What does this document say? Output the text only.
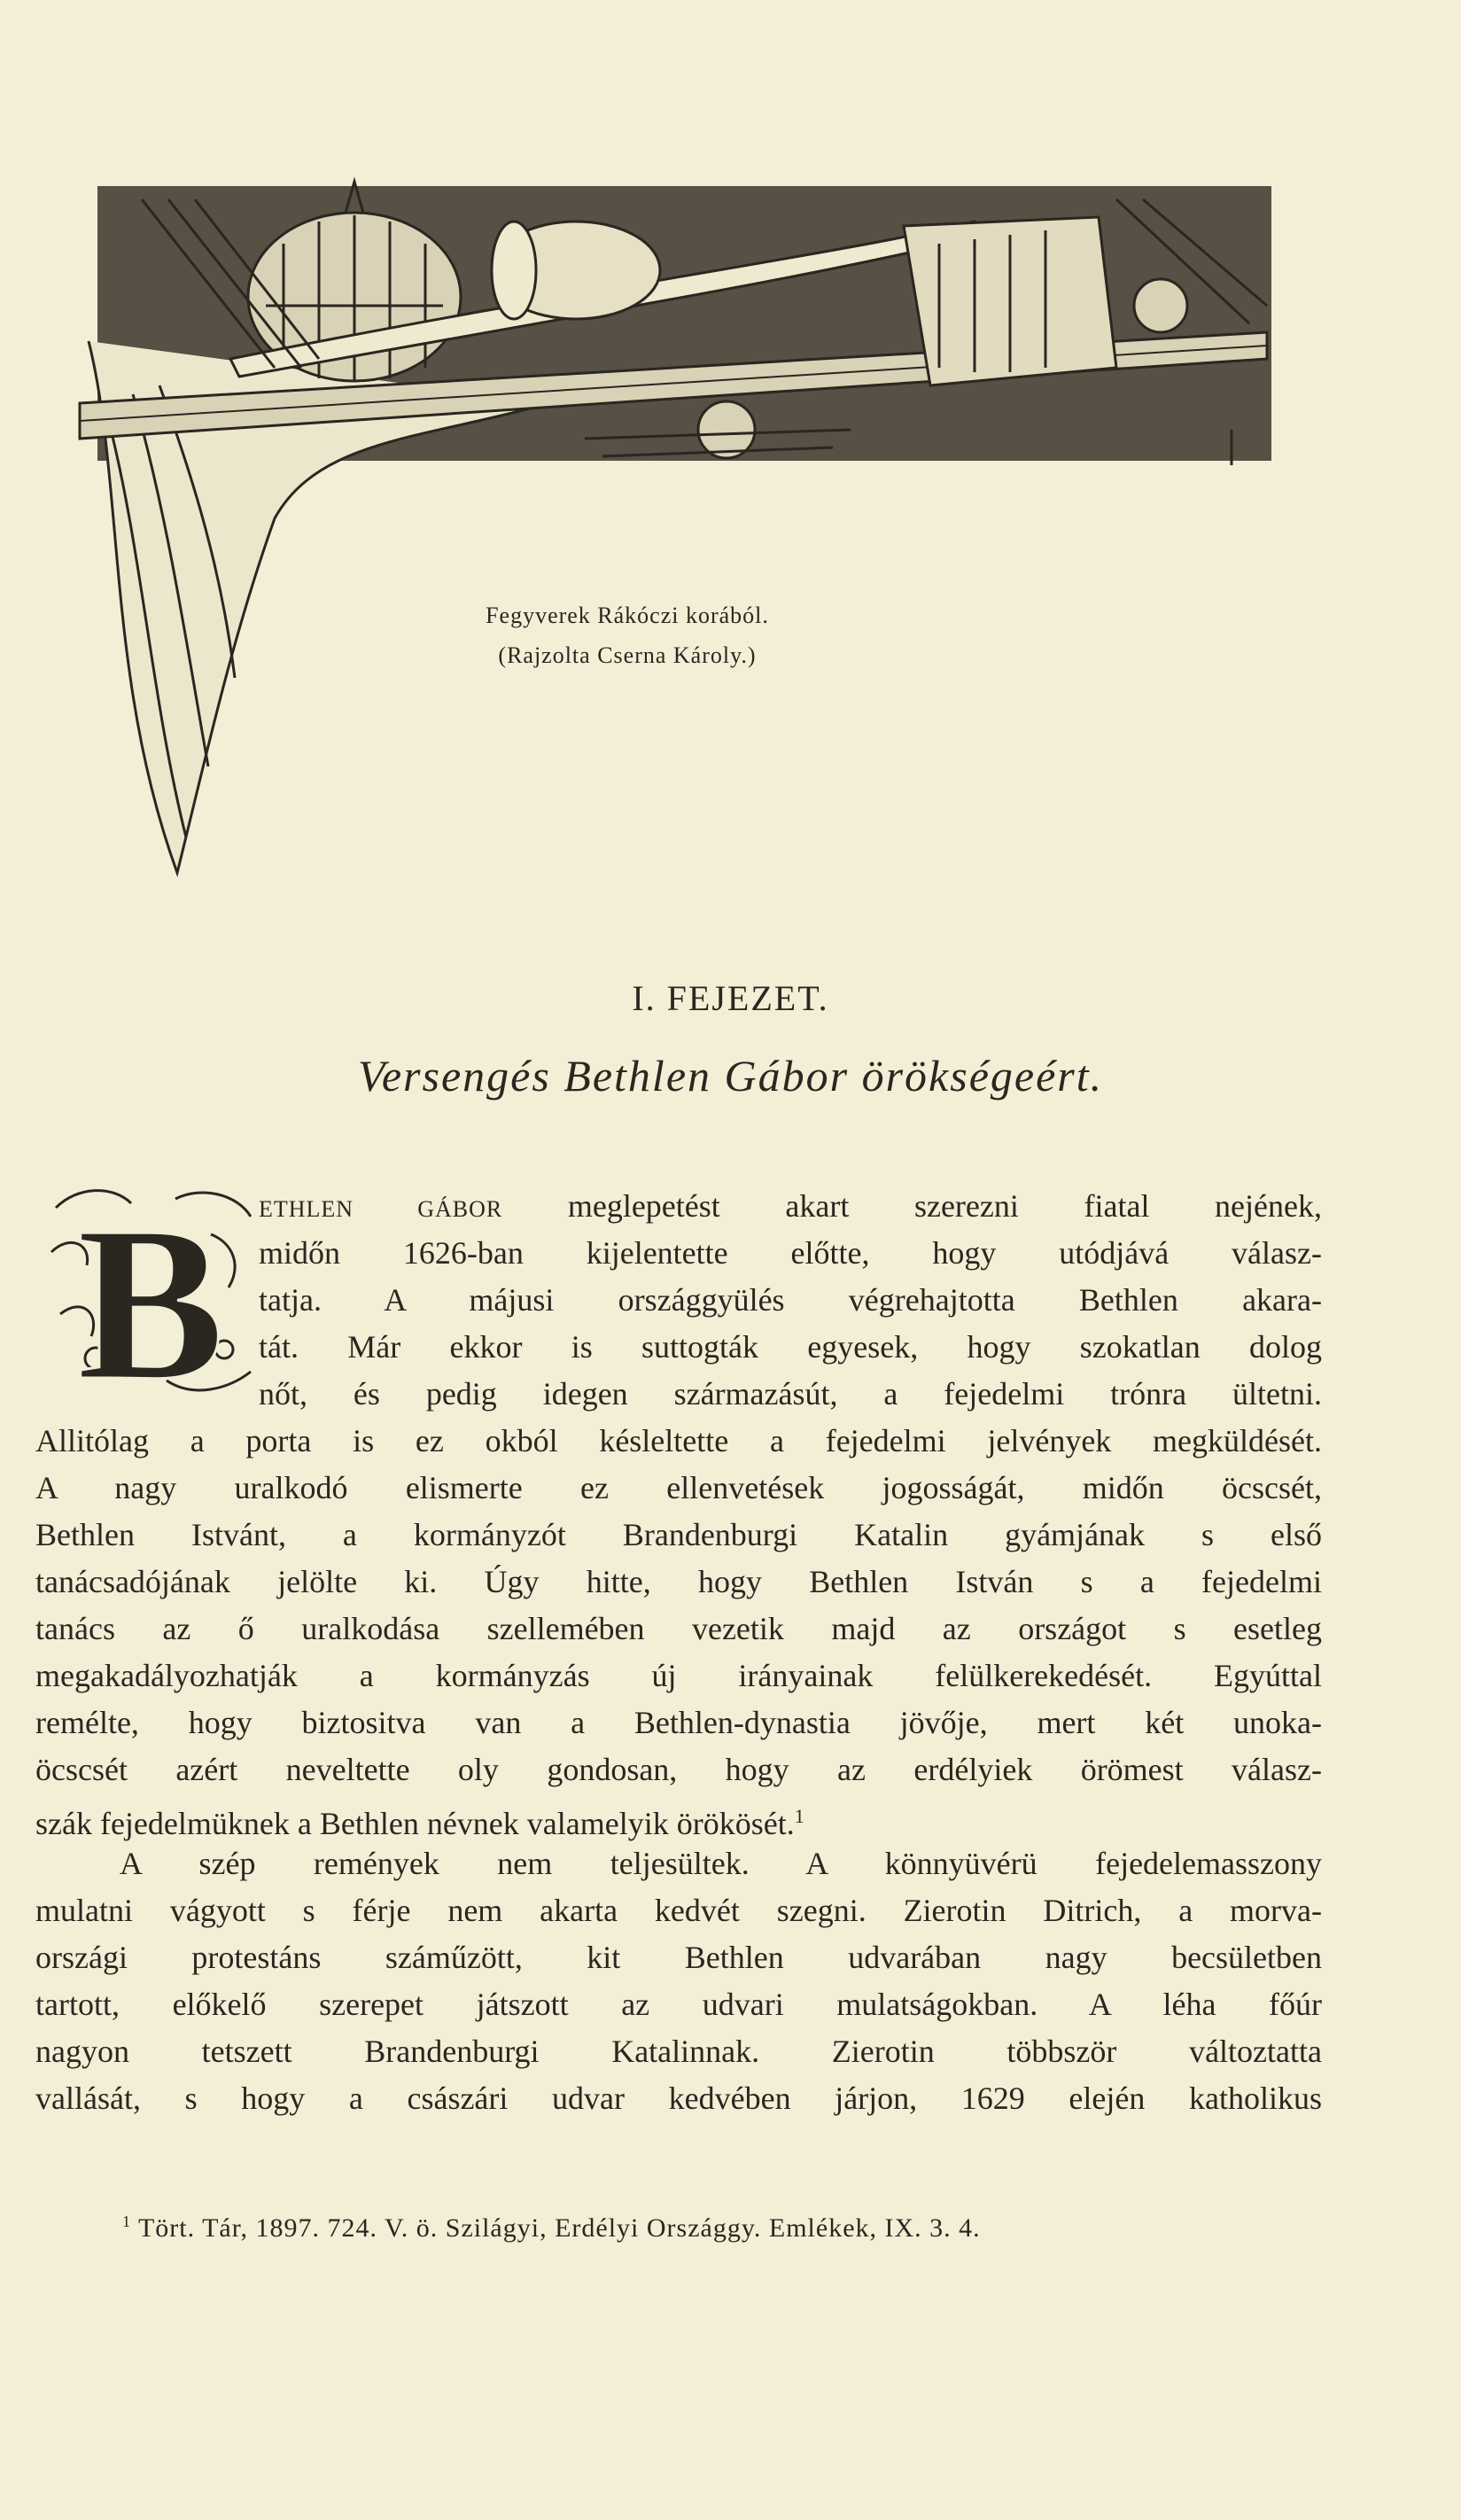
Fegyverek Rákóczi korából.
(Rajzolta Cserna Károly.)
I. FEJEZET.
Versengés Bethlen Gábor örökségeért.
B ETHLEN GÁBOR meglepetést akart szerezni fiatal nejének,
midőn 1626-ban kijelentette előtte, hogy utódjává válasz-
tatja. A májusi országgyülés végrehajtotta Bethlen akara-
tát. Már ekkor is suttogták egyesek, hogy szokatlan dolog
nőt, és pedig idegen származásút, a fejedelmi trónra ültetni.
Allitólag a porta is ez okból késleltette a fejedelmi jelvények megküldését.
A nagy uralkodó elismerte ez ellenvetések jogosságát, midőn öcscsét,
Bethlen Istvánt, a kormányzót Brandenburgi Katalin gyámjának s első
tanácsadójának jelölte ki. Úgy hitte, hogy Bethlen István s a fejedelmi
tanács az ő uralkodása szellemében vezetik majd az országot s esetleg
megakadályozhatják a kormányzás új irányainak felülkerekedését. Egyúttal
remélte, hogy biztositva van a Bethlen-dynastia jövője, mert két unoka-
öcscsét azért neveltette oly gondosan, hogy az erdélyiek örömest válasz-
szák fejedelmüknek a Bethlen névnek valamelyik örökösét.$^1$
A szép remények nem teljesültek. A könnyüvérü fejedelemasszony
mulatni vágyott s férje nem akarta kedvét szegni. Zierotin Ditrich, a morva-
országi protestáns száműzött, kit Bethlen udvarában nagy becsületben
tartott, előkelő szerepet játszott az udvari mulatságokban. A léha főúr
nagyon tetszett Brandenburgi Katalinnak. Zierotin többször változtatta
vallását, s hogy a császári udvar kedvében járjon, 1629 elején katholikus
$^1$ Tört. Tár, 1897. 724. V. ö. Szilágyi, Erdélyi Országgy. Emlékek, IX. 3. 4.
